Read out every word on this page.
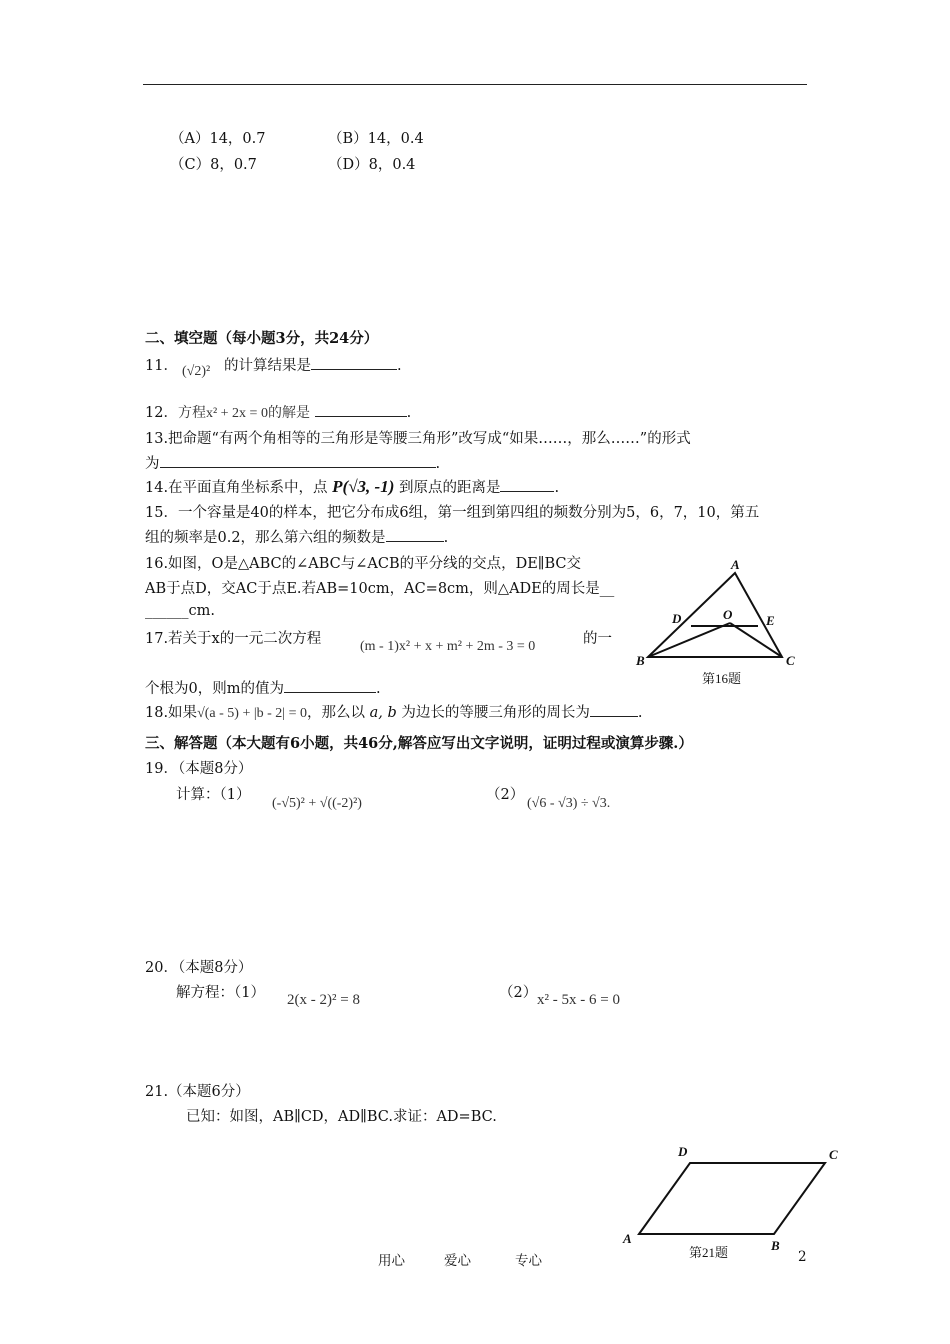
（A）14，0.7	（B）14，0.4
（C）8，0.7	（D）8，0.4
二、填空题（每小题3分，共24分）
11． (√2)² 的计算结果是	.
12．方程x² + 2x = 0的解是	.
13.把命题“有两个角相等的三角形是等腰三角形”改写成“如果……，那么……”的形式
为	.
14.在平面直角坐标系中，点 P(√3, -1) 到原点的距离是	.
15．一个容量是40的样本，把它分布成6组，第一组到第四组的频数分别为5，6，7，10，第五
组的频率是0.2，那么第六组的频数是	.
16.如图，O是△ABC的∠ABC与∠ACB的平分线的交点，DE∥BC交
AB于点D，交AC于点E.若AB=10cm，AC=8cm，则△ADE的周长是__
______cm.
A
B	C
D	E
O
第16题
17.若关于x的一元二次方程	(m - 1)x² + x + m² + 2m - 3 = 0	的一
个根为0，则m的值为	.
18.如果√(a - 5) + |b - 2| = 0，那么以 a, b 为边长的等腰三角形的周长为	.
三、解答题（本大题有6小题，共46分,解答应写出文字说明，证明过程或演算步骤.）
19．（本题8分）
计算：（1）
(-√5)² + √((-2)²)
（2）
(√6 - √3) ÷ √3.
20．（本题8分）
解方程：（1） 2(x - 2)² = 8	（2） x² - 5x - 6 = 0
21.（本题6分）
已知：如图，AB∥CD，AD∥BC.求证：AD=BC.
A	B
C
D
第21题
用心	爱心	专心	2
